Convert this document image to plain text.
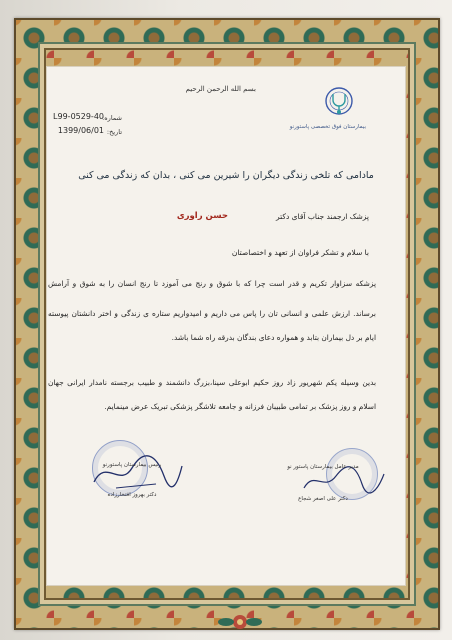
بسم الله الرحمن الرحيم
بیمارستان فوق تخصصی پاستورنو
شماره:
L99-0529-40
تاریخ:
1399/06/01
مادامی که تلخی زندگی دیگران را شیرین می کنی ، بدان که زندگی می کنی
پزشک ارجمند جناب آقای دکتر
حسن راوری
با سلام و تشکر فراوان از تعهد و اختصاصتان
پزشکه سزاوار تکریم و قدر است چرا که با شوق و رنج می آموزد تا رنج انسان را به شوق و آرامش
برساند. ارزش علمی و انسانی تان را پاس می داریم و امیدواریم ستاره ی زندگی و اختر دانشتان پیوسته
ایام بر دل بیماران بتابد و همواره دعای بندگان بدرقه راه شما باشد.
بدین وسیله یکم شهریور زاد روز حکیم ابوعلی سینا،بزرگ دانشمند و طبیب برجسته نامدار ایرانی جهان
اسلام و روز پزشک بر تمامی طبیبان فرزانه و جامعه تلاشگر پزشکی تبریک عرض مینمایم.
رئیس بیمارستان پاستورنو
دکتر بهروز افتخارزاده
مدیر عامل بیمارستان پاستور نو
دکتر علی اصغر شجاع
